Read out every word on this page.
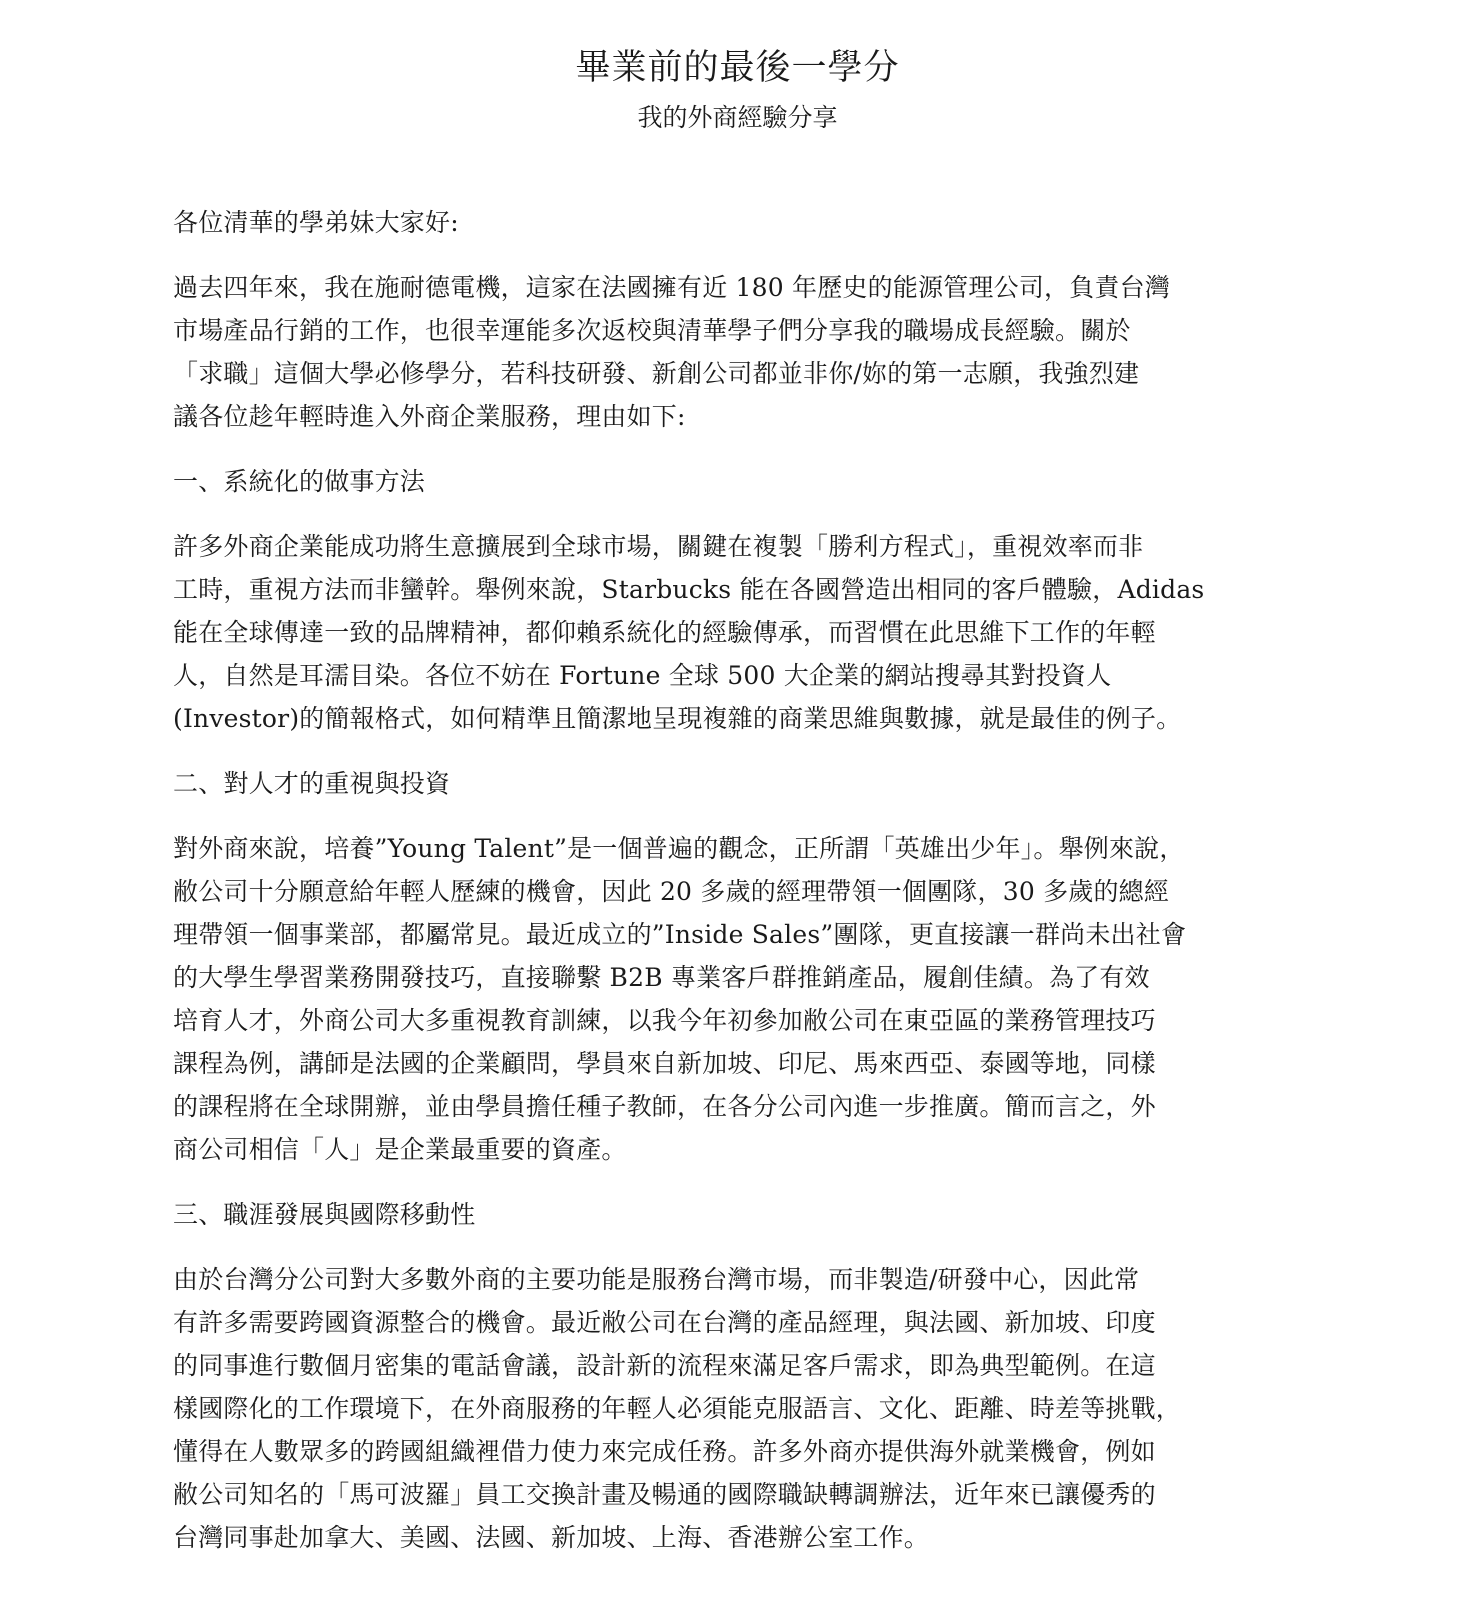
畢業前的最後一學分
我的外商經驗分享

各位清華的學弟妹大家好:

過去四年來，我在施耐德電機，這家在法國擁有近 180 年歷史的能源管理公司，負責台灣
市場產品行銷的工作，也很幸運能多次返校與清華學子們分享我的職場成長經驗。關於
「求職」這個大學必修學分，若科技研發、新創公司都並非你/妳的第一志願，我強烈建
議各位趁年輕時進入外商企業服務，理由如下:

一、系統化的做事方法

許多外商企業能成功將生意擴展到全球市場，關鍵在複製「勝利方程式」，重視效率而非
工時，重視方法而非蠻幹。舉例來說，Starbucks 能在各國營造出相同的客戶體驗，Adidas
能在全球傳達一致的品牌精神，都仰賴系統化的經驗傳承，而習慣在此思維下工作的年輕
人，自然是耳濡目染。各位不妨在 Fortune 全球 500 大企業的網站搜尋其對投資人
(Investor)的簡報格式，如何精準且簡潔地呈現複雜的商業思維與數據，就是最佳的例子。

二、對人才的重視與投資

對外商來說，培養”Young Talent”是一個普遍的觀念，正所謂「英雄出少年」。舉例來說，
敝公司十分願意給年輕人歷練的機會，因此 20 多歲的經理帶領一個團隊，30 多歲的總經
理帶領一個事業部，都屬常見。最近成立的”Inside Sales”團隊，更直接讓一群尚未出社會
的大學生學習業務開發技巧，直接聯繫 B2B 專業客戶群推銷產品，履創佳績。為了有效
培育人才，外商公司大多重視教育訓練，以我今年初參加敝公司在東亞區的業務管理技巧
課程為例，講師是法國的企業顧問，學員來自新加坡、印尼、馬來西亞、泰國等地，同樣
的課程將在全球開辦，並由學員擔任種子教師，在各分公司內進一步推廣。簡而言之，外
商公司相信「人」是企業最重要的資產。

三、職涯發展與國際移動性

由於台灣分公司對大多數外商的主要功能是服務台灣市場，而非製造/研發中心，因此常
有許多需要跨國資源整合的機會。最近敝公司在台灣的產品經理，與法國、新加坡、印度
的同事進行數個月密集的電話會議，設計新的流程來滿足客戶需求，即為典型範例。在這
樣國際化的工作環境下，在外商服務的年輕人必須能克服語言、文化、距離、時差等挑戰，
懂得在人數眾多的跨國組織裡借力使力來完成任務。許多外商亦提供海外就業機會，例如
敝公司知名的「馬可波羅」員工交換計畫及暢通的國際職缺轉調辦法，近年來已讓優秀的
台灣同事赴加拿大、美國、法國、新加坡、上海、香港辦公室工作。
